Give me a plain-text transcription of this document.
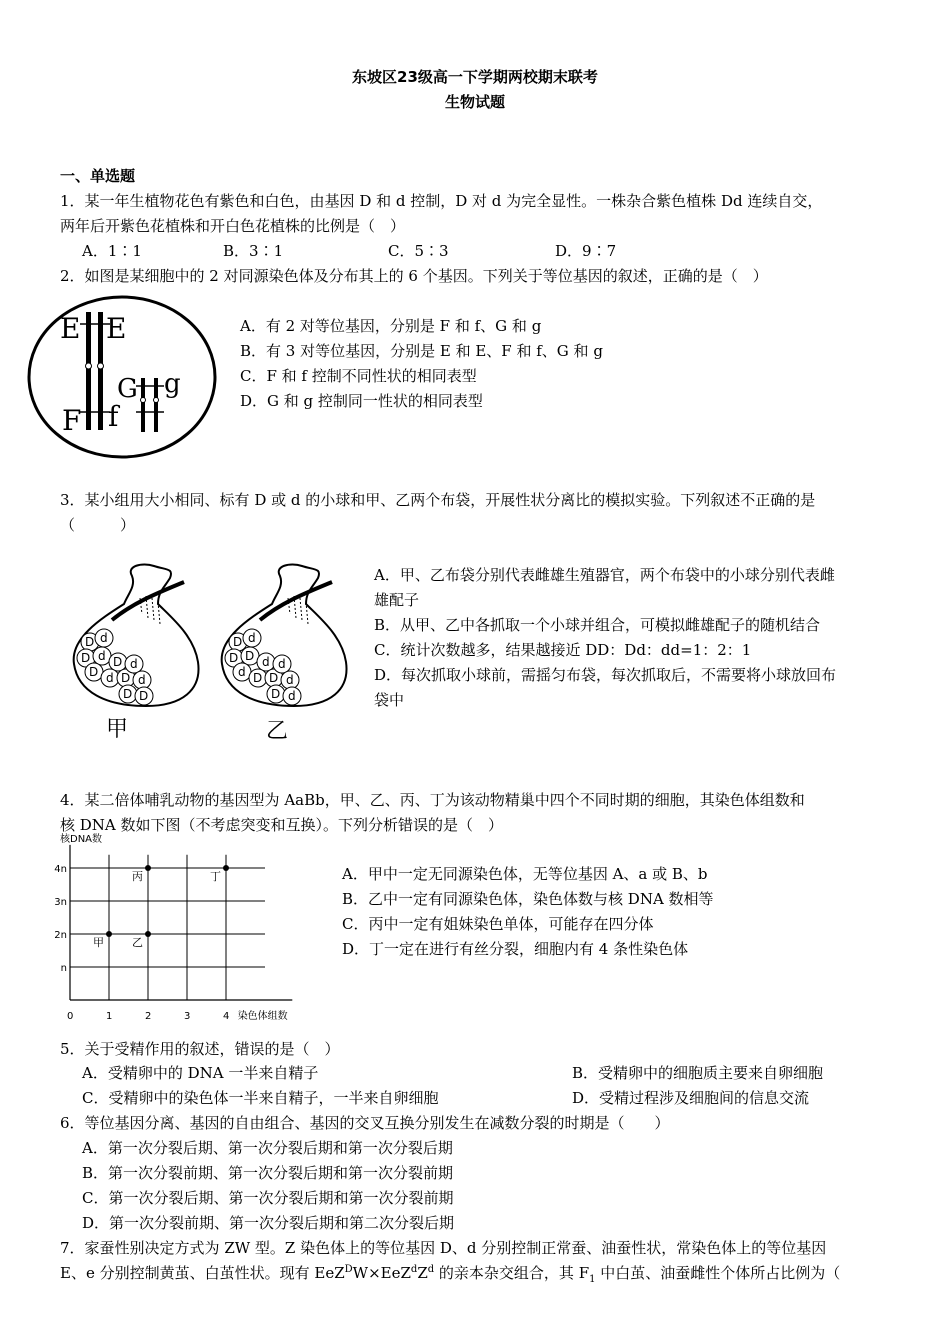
东坡区23级高一下学期两校期末联考
生物试题
一、单选题
1．某一年生植物花色有紫色和白色，由基因 D 和 d 控制，D 对 d 为完全显性。一株杂合紫色植株 Dd 连续自交，
两年后开紫色花植株和开白色花植株的比例是（　）
A．1∶1	B．3∶1	C．5∶3	D．9∶7
2．如图是某细胞中的 2 对同源染色体及分布其上的 6 个基因。下列关于等位基因的叙述，正确的是（　）
E E
F f
G g
A．有 2 对等位基因，分别是 F 和 f、G 和 g
B．有 3 对等位基因，分别是 E 和 E、F 和 f、G 和 g
C．F 和 f 控制不同性状的相同表型
D．G 和 g 控制同一性状的相同表型
3．某小组用大小相同、标有 D 或 d 的小球和甲、乙两个布袋，开展性状分离比的模拟实验。下列叙述不正确的是
（　　　）
D d
D d D
D d D
d
d
D D
甲
D d
D D d
d D D
d
d
D d
乙
A．甲、乙布袋分别代表雌雄生殖器官，两个布袋中的小球分别代表雌
雄配子
B．从甲、乙中各抓取一个小球并组合，可模拟雌雄配子的随机结合
C．统计次数越多，结果越接近 DD：Dd：dd=1：2：1
D．每次抓取小球前，需摇匀布袋，每次抓取后，不需要将小球放回布
袋中
4．某二倍体哺乳动物的基因型为 AaBb，甲、乙、丙、丁为该动物精巢中四个不同时期的细胞，其染色体组数和
核 DNA 数如下图（不考虑突变和互换）。下列分析错误的是（　）
核DNA数
染色体组数
0	1	2	3	4
n
2n
3n
4n
甲	乙
丙	丁	A．甲中一定无同源染色体，无等位基因 A、a 或 B、b
B．乙中一定有同源染色体，染色体数与核 DNA 数相等
C．丙中一定有姐妹染色单体，可能存在四分体
D．丁一定在进行有丝分裂，细胞内有 4 条性染色体
5．关于受精作用的叙述，错误的是（　）
A．受精卵中的 DNA 一半来自精子	B．受精卵中的细胞质主要来自卵细胞
C．受精卵中的染色体一半来自精子，一半来自卵细胞	D．受精过程涉及细胞间的信息交流
6．等位基因分离、基因的自由组合、基因的交叉互换分别发生在减数分裂的时期是（　　）
A．第一次分裂后期、第一次分裂后期和第一次分裂后期
B．第一次分裂前期、第一次分裂后期和第一次分裂前期
C．第一次分裂后期、第一次分裂后期和第一次分裂前期
D．第一次分裂前期、第一次分裂后期和第二次分裂后期
7．家蚕性别决定方式为 ZW 型。Z 染色体上的等位基因 D、d 分别控制正常蚕、油蚕性状，常染色体上的等位基因
E、e 分别控制黄茧、白茧性状。现有 $EeZ^DW\times EeZ^dZ^d$ 的亲本杂交组合，其 $F_1$ 中白茧、油蚕雌性个体所占比例为（
